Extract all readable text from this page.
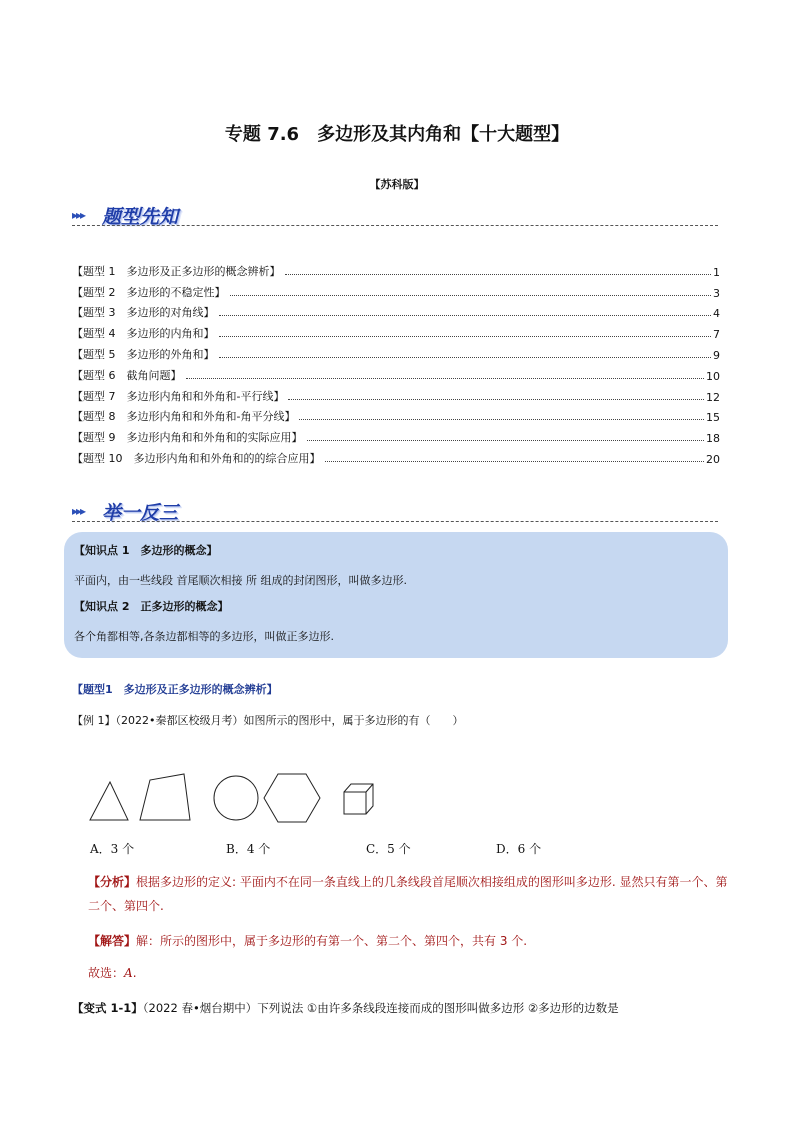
专题 7.6　多边形及其内角和【十大题型】
【苏科版】
▸▸▸ 题型先知
【题型 1　多边形及正多边形的概念辨析】	1
【题型 2　多边形的不稳定性】	3
【题型 3　多边形的对角线】	4
【题型 4　多边形的内角和】	7
【题型 5　多边形的外角和】	9
【题型 6　截角问题】	10
【题型 7　多边形内角和和外角和-平行线】	12
【题型 8　多边形内角和和外角和-角平分线】	15
【题型 9　多边形内角和和外角和的实际应用】	18
【题型 10　多边形内角和和外角和的的综合应用】	20
▸▸▸ 举一反三
【知识点 1　多边形的概念】
平面内，由一些线段 首尾顺次相接 所 组成的封闭图形，叫做多边形.
【知识点 2　正多边形的概念】
各个角都相等,各条边都相等的多边形，叫做正多边形.
【题型1　多边形及正多边形的概念辨析】
【例 1】（2022•秦都区校级月考）如图所示的图形中，属于多边形的有（　　）
A．3 个	B．4 个	C．5 个	D．6 个
【分析】根据多边形的定义: 平面内不在同一条直线上的几条线段首尾顺次相接组成的图形叫多边形. 显然只有第一个、第二个、第四个.
【解答】解：所示的图形中，属于多边形的有第一个、第二个、第四个，共有 3 个.
故选：A.
【变式 1-1】（2022 春•烟台期中）下列说法 ①由许多条线段连接而成的图形叫做多边形 ②多边形的边数是
